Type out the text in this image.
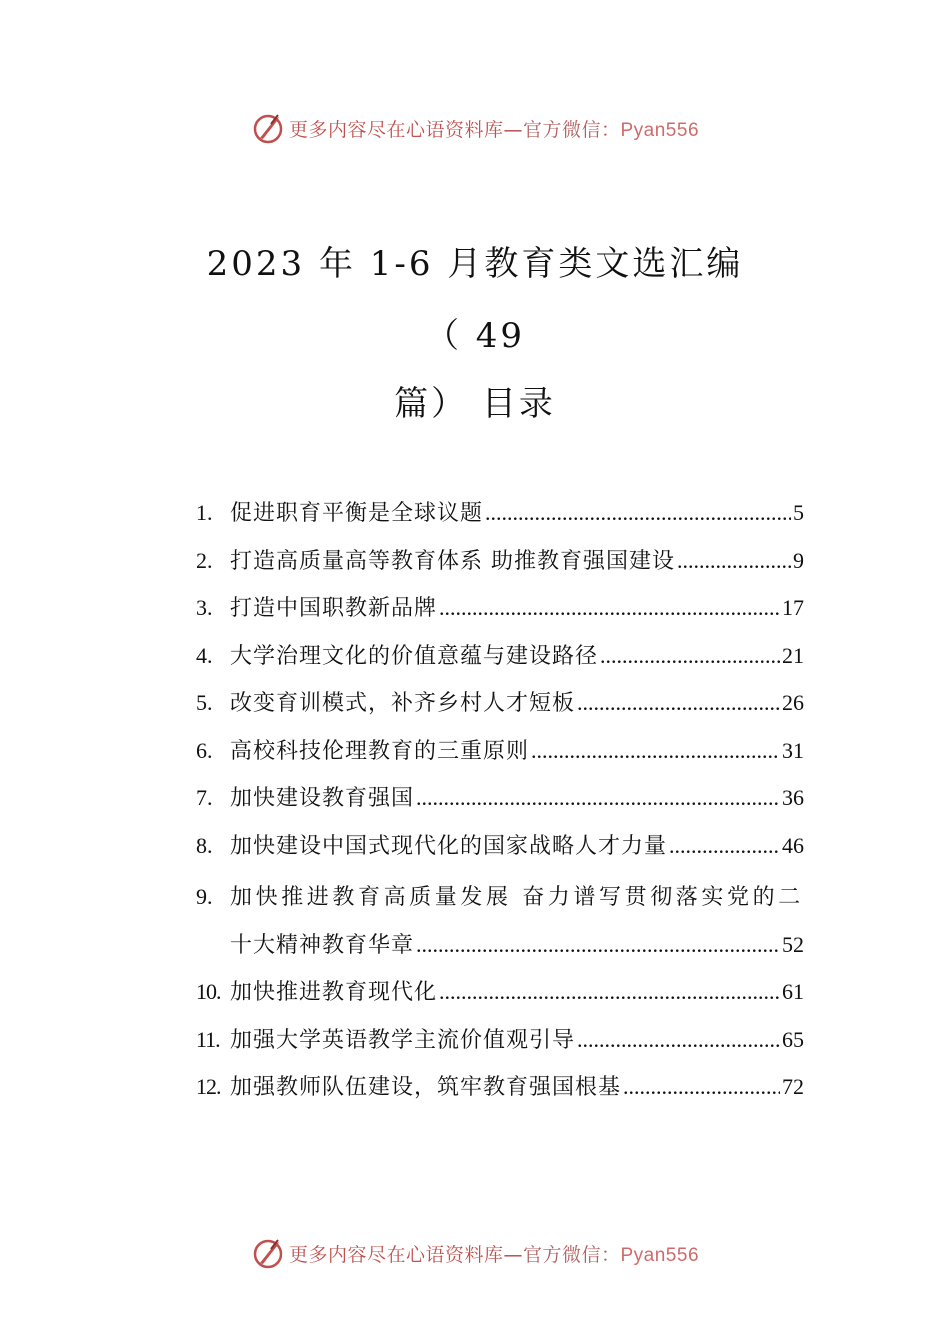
更多内容尽在心语资料库—官方微信：Pyan556
2023 年 1-6 月教育类文选汇编
（ 49
篇） 目录
1. 促进职育平衡是全球议题 .....	5
2. 打造高质量高等教育体系 助推教育强国建设 .....	9
3. 打造中国职教新品牌 .....	17
4. 大学治理文化的价值意蕴与建设路径 .....	21
5. 改变育训模式，补齐乡村人才短板 .....	26
6. 高校科技伦理教育的三重原则 .....	31
7. 加快建设教育强国 .....	36
8. 加快建设中国式现代化的国家战略人才力量 .....	46
9. 加快推进教育高质量发展 奋力谱写贯彻落实党的二
十大精神教育华章 .....	52
10. 加快推进教育现代化 .....	61
11. 加强大学英语教学主流价值观引导 .....	65
12. 加强教师队伍建设，筑牢教育强国根基 .....	72
更多内容尽在心语资料库—官方微信：Pyan556
